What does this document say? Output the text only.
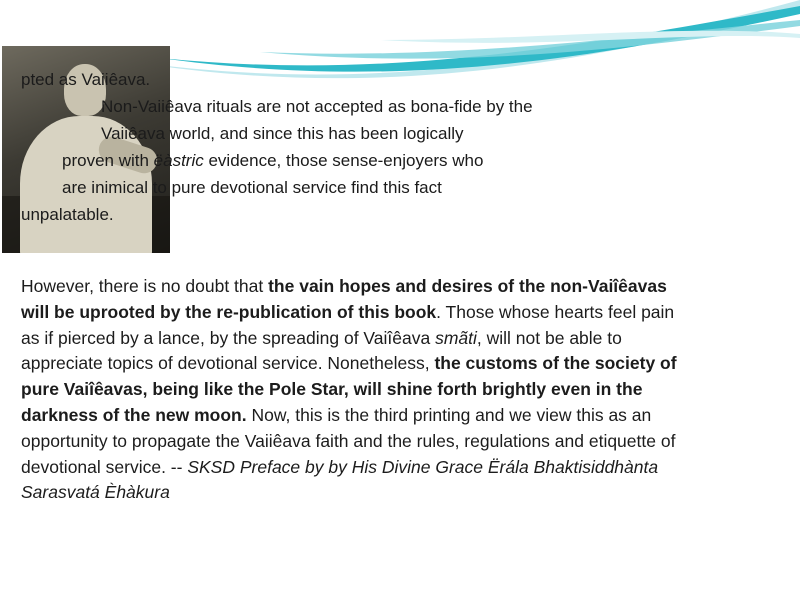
pted as Vaiiêava.
Non-Vaiiêava rituals are not accepted as bona-fide by the
Vaiiêava world, and since this has been logically
proven with ëàstric evidence, those sense-enjoyers who
are inimical to pure devotional service find this fact
unpalatable.
However, there is no doubt that the vain hopes and desires of the non-Vaiîêavas will be uprooted by the re-publication of this book. Those whose hearts feel pain as if pierced by a lance, by the spreading of Vaiîêava smãti, will not be able to appreciate topics of devotional service. Nonetheless, the customs of the society of pure Vaiîêavas, being like the Pole Star, will shine forth brightly even in the darkness of the new moon. Now, this is the third printing and we view this as an opportunity to propagate the Vaiiêava faith and the rules, regulations and etiquette of devotional service. -- SKSD Preface by by His Divine Grace Ërála Bhaktisiddhànta Sarasvatá Èhàkura
